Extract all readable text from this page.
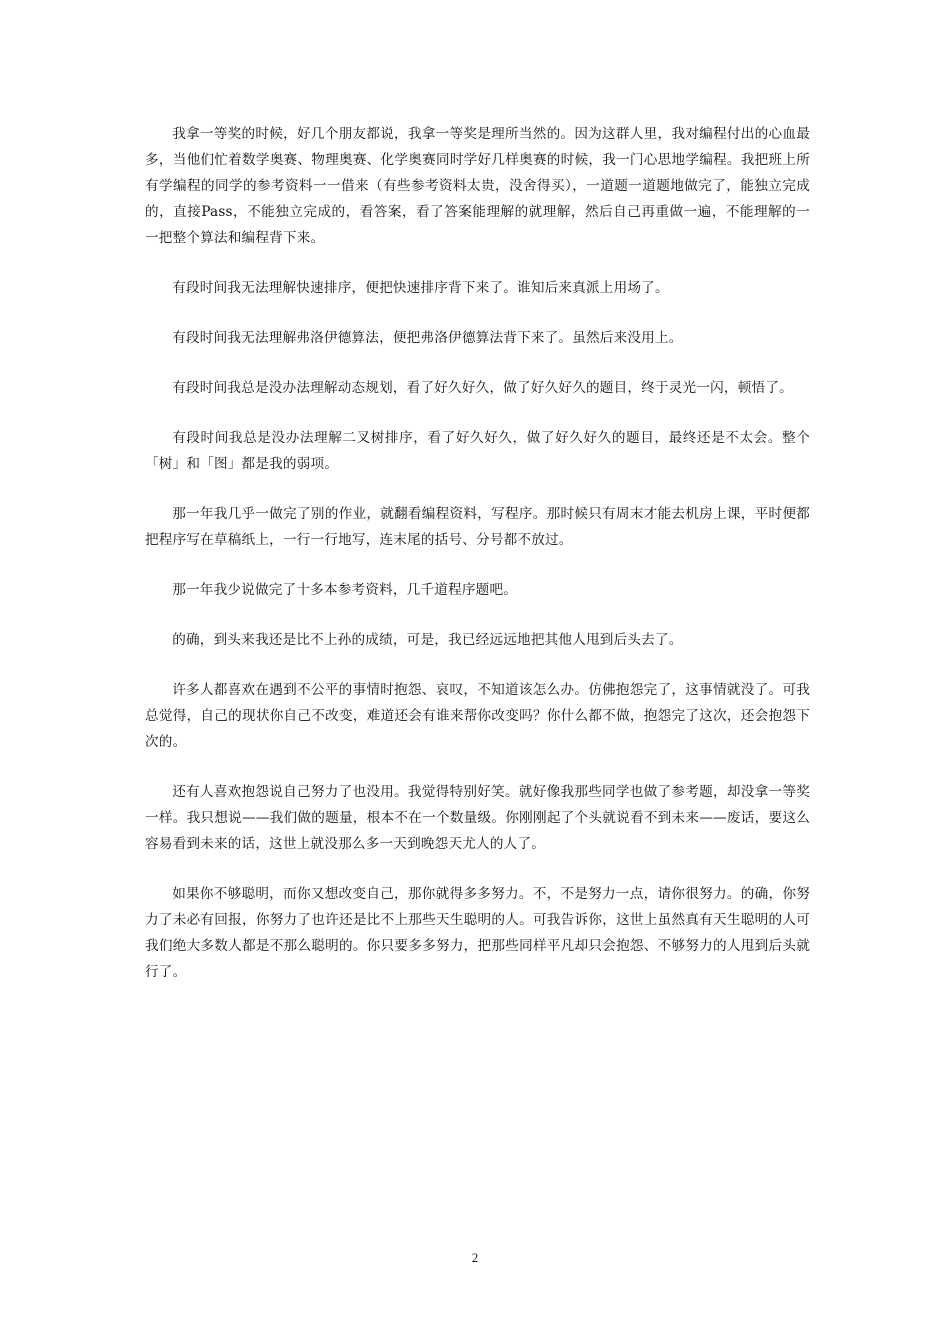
我拿一等奖的时候，好几个朋友都说，我拿一等奖是理所当然的。因为这群人里，我对编程付出的心血最多，当他们忙着数学奥赛、物理奥赛、化学奥赛同时学好几样奥赛的时候，我一门心思地学编程。我把班上所有学编程的同学的参考资料一一借来（有些参考资料太贵，没舍得买），一道题一道题地做完了，能独立完成的，直接Pass，不能独立完成的，看答案，看了答案能理解的就理解，然后自己再重做一遍，不能理解的一一把整个算法和编程背下来。

有段时间我无法理解快速排序，便把快速排序背下来了。谁知后来真派上用场了。

有段时间我无法理解弗洛伊德算法，便把弗洛伊德算法背下来了。虽然后来没用上。

有段时间我总是没办法理解动态规划，看了好久好久，做了好久好久的题目，终于灵光一闪，顿悟了。

有段时间我总是没办法理解二叉树排序，看了好久好久，做了好久好久的题目，最终还是不太会。整个「树」和「图」都是我的弱项。

那一年我几乎一做完了别的作业，就翻看编程资料，写程序。那时候只有周末才能去机房上课，平时便都把程序写在草稿纸上，一行一行地写，连末尾的括号、分号都不放过。

那一年我少说做完了十多本参考资料，几千道程序题吧。

的确，到头来我还是比不上孙的成绩，可是，我已经远远地把其他人甩到后头去了。

许多人都喜欢在遇到不公平的事情时抱怨、哀叹，不知道该怎么办。仿佛抱怨完了，这事情就没了。可我总觉得，自己的现状你自己不改变，难道还会有谁来帮你改变吗？你什么都不做，抱怨完了这次，还会抱怨下次的。

还有人喜欢抱怨说自己努力了也没用。我觉得特别好笑。就好像我那些同学也做了参考题，却没拿一等奖一样。我只想说——我们做的题量，根本不在一个数量级。你刚刚起了个头就说看不到未来——废话，要这么容易看到未来的话，这世上就没那么多一天到晚怨天尤人的人了。

如果你不够聪明，而你又想改变自己，那你就得多多努力。不，不是努力一点，请你很努力。的确，你努力了未必有回报，你努力了也许还是比不上那些天生聪明的人。可我告诉你，这世上虽然真有天生聪明的人可我们绝大多数人都是不那么聪明的。你只要多多努力，把那些同样平凡却只会抱怨、不够努力的人甩到后头就行了。

2
